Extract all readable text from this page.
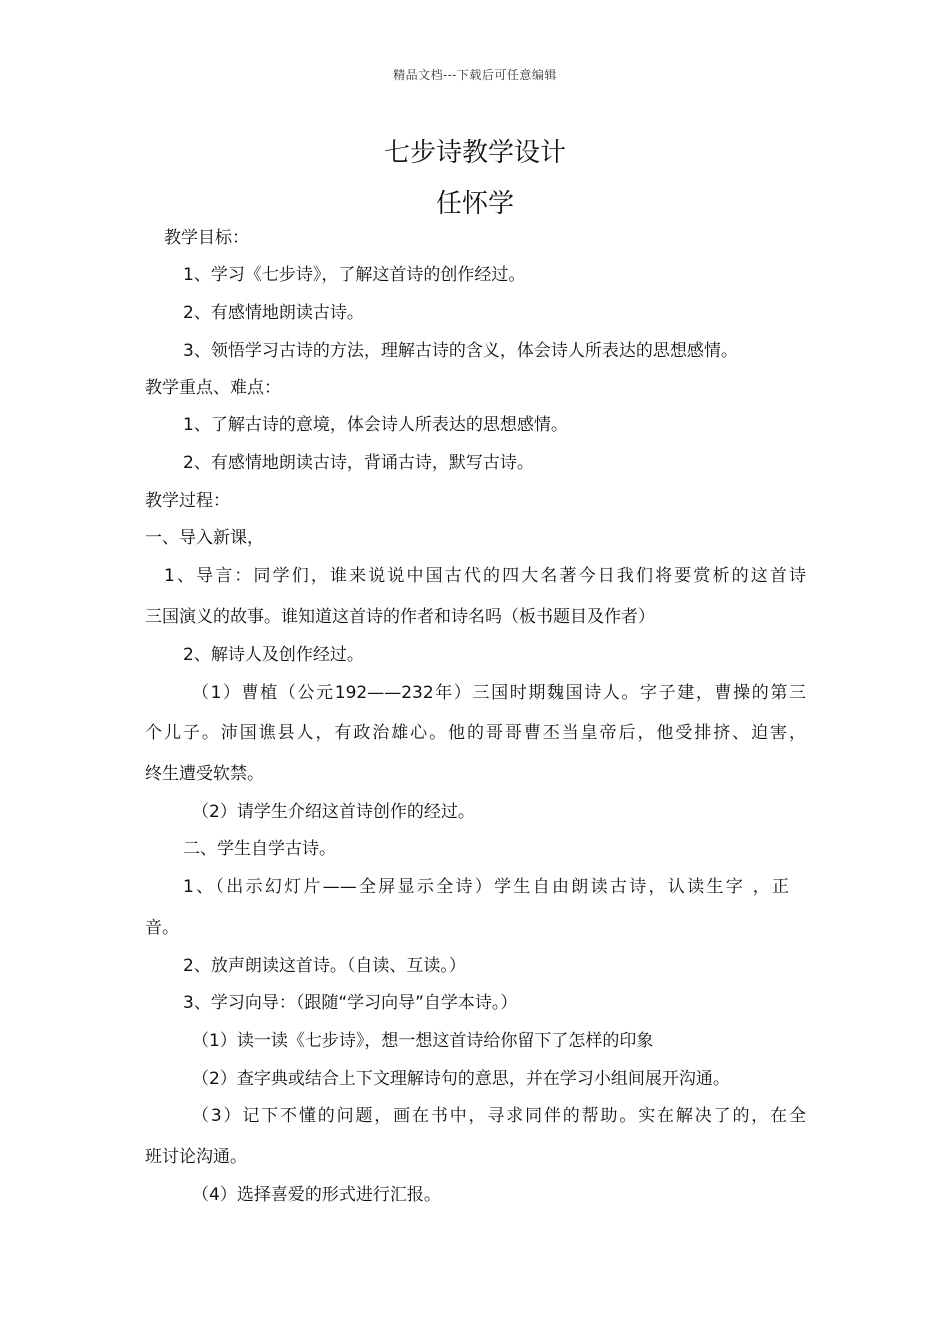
精品文档---下载后可任意编辑
七步诗教学设计
任怀学
教学目标：
1、学习《七步诗》，了解这首诗的创作经过。
2、有感情地朗读古诗。
3、领悟学习古诗的方法，理解古诗的含义，体会诗人所表达的思想感情。
教学重点、难点：
1、了解古诗的意境，体会诗人所表达的思想感情。
2、有感情地朗读古诗，背诵古诗，默写古诗。
教学过程：
一、导入新课，
1、导言：同学们，谁来说说中国古代的四大名著今日我们将要赏析的这首诗
三国演义的故事。谁知道这首诗的作者和诗名吗（板书题目及作者）
2、解诗人及创作经过。
（1）曹植（公元192——232年）三国时期魏国诗人。字子建，曹操的第三
个儿子。沛国谯县人，有政治雄心。他的哥哥曹丕当皇帝后，他受排挤、迫害，
终生遭受软禁。
（2）请学生介绍这首诗创作的经过。
二、学生自学古诗。
1、（出示幻灯片——全屏显示全诗）学生自由朗读古诗，认读生字 ，正
音。
2、放声朗读这首诗。（自读、互读。）
3、学习向导：（跟随“学习向导”自学本诗。）
（1）读一读《七步诗》，想一想这首诗给你留下了怎样的印象
（2）查字典或结合上下文理解诗句的意思，并在学习小组间展开沟通。
（3）记下不懂的问题，画在书中，寻求同伴的帮助。实在解决了的，在全
班讨论沟通。
（4）选择喜爱的形式进行汇报。
